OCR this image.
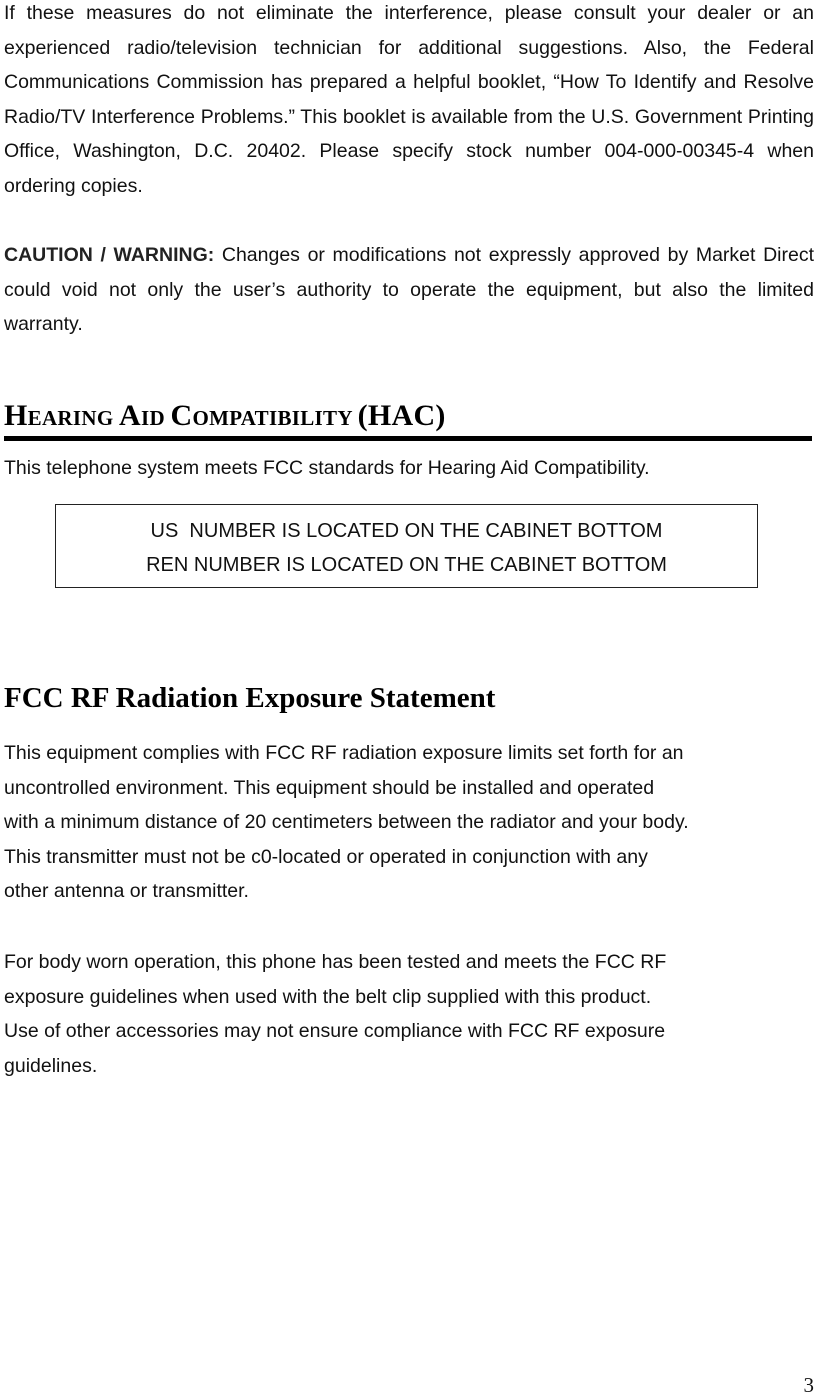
If these measures do not eliminate the interference, please consult your dealer or an experienced radio/television technician for additional suggestions. Also, the Federal Communications Commission has prepared a helpful booklet, “How To Identify and Resolve Radio/TV Interference Problems.” This booklet is available from the U.S. Government Printing Office, Washington, D.C. 20402. Please specify stock number 004-000-00345-4 when ordering copies.

CAUTION / WARNING: Changes or modifications not expressly approved by Market Direct could void not only the user’s authority to operate the equipment, but also the limited warranty.

HEARING AID COMPATIBILITY (HAC)

This telephone system meets FCC standards for Hearing Aid Compatibility.

US  NUMBER IS LOCATED ON THE CABINET BOTTOM
REN NUMBER IS LOCATED ON THE CABINET BOTTOM
FCC RF Radiation Exposure Statement

This equipment complies with FCC RF radiation exposure limits set forth for an
uncontrolled environment. This equipment should be installed and operated
with a minimum distance of 20 centimeters between the radiator and your body.
This transmitter must not be c0-located or operated in conjunction with any
other antenna or transmitter.

For body worn operation, this phone has been tested and meets the FCC RF
exposure guidelines when used with the belt clip supplied with this product.
Use of other accessories may not ensure compliance with FCC RF exposure
guidelines.

3
